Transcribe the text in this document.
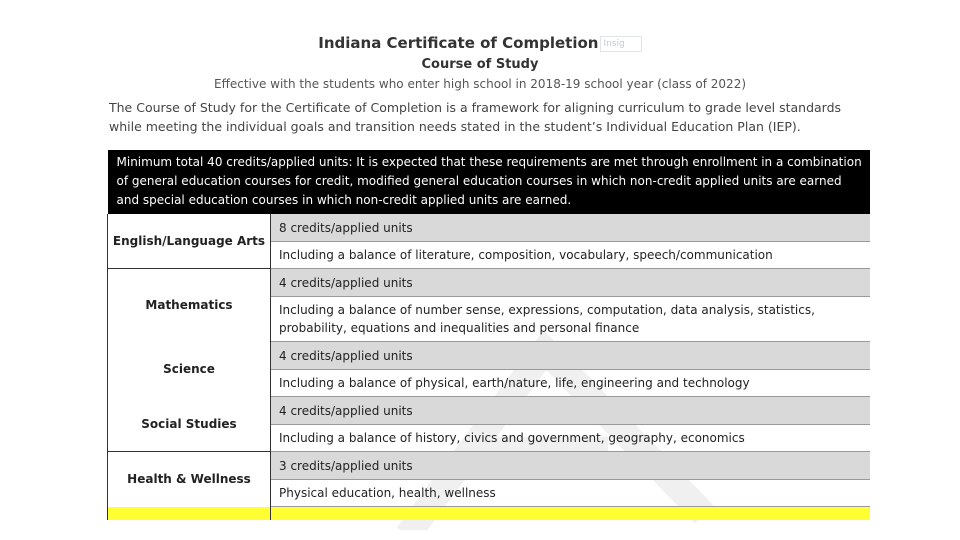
Indiana Certificate of Completion Insig
Course of Study
Effective with the students who enter high school in 2018-19 school year (class of 2022)
The Course of Study for the Certificate of Completion is a framework for aligning curriculum to grade level standards while meeting the individual goals and transition needs stated in the student’s Individual Education Plan (IEP).
Minimum total 40 credits/applied units: It is expected that these requirements are met through enrollment in a combination of general education courses for credit, modified general education courses in which non-credit applied units are earned and special education courses in which non-credit applied units are earned.	
English/Language Arts	8 credits/applied units
	Including a balance of literature, composition, vocabulary, speech/communication
Mathematics	4 credits/applied units
	Including a balance of number sense, expressions, computation, data analysis, statistics, probability, equations and inequalities and personal finance
Science	4 credits/applied units
	Including a balance of physical, earth/nature, life, engineering and technology
Social Studies	4 credits/applied units
	Including a balance of history, civics and government, geography, economics
Health & Wellness	3 credits/applied units
	Physical education, health, wellness
